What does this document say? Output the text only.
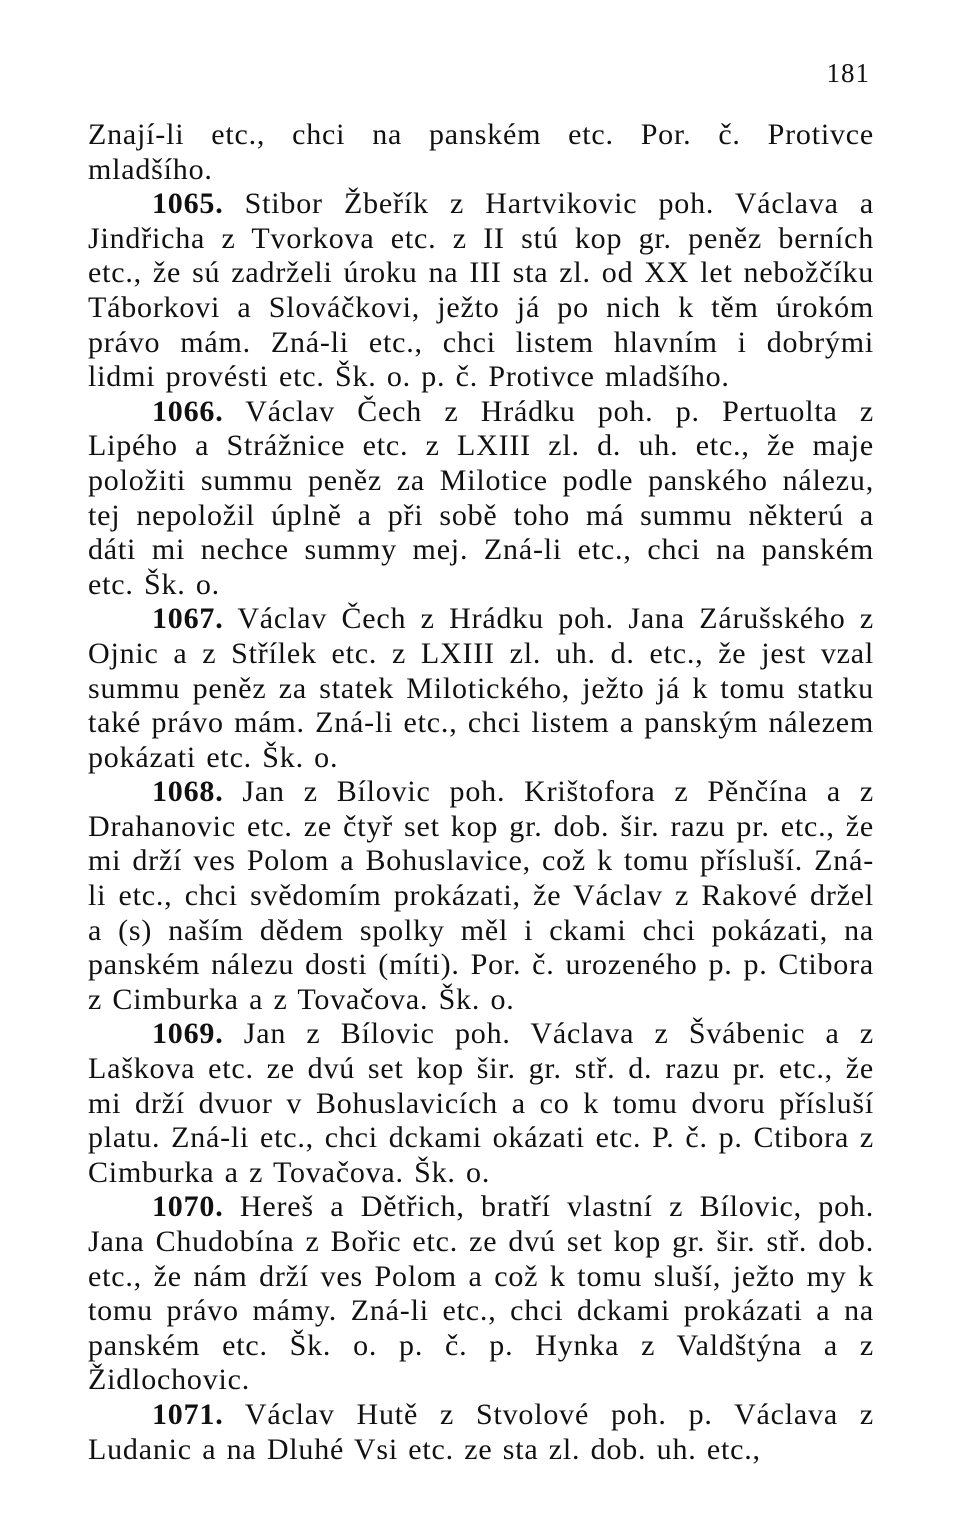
181

Znají-li etc., chci na panském etc. Por. č. Protivce mladšího.

1065. Stibor Žbeřík z Hartvikovic poh. Václava a Jindřicha z Tvorkova etc. z II stú kop gr. peněz berních etc., že sú zadrželi úroku na III sta zl. od XX let nebožčíku Táborkovi a Slováčkovi, ježto já po nich k těm úrokóm právo mám. Zná-li etc., chci listem hlavním i dobrými lidmi provésti etc. Šk. o. p. č. Protivce mladšího.

1066. Václav Čech z Hrádku poh. p. Pertuolta z Lipého a Strážnice etc. z LXIII zl. d. uh. etc., že maje položiti summu peněz za Milotice podle panského nálezu, tej nepoložil úplně a při sobě toho má summu některú a dáti mi nechce summy mej. Zná-li etc., chci na panském etc. Šk. o.

1067. Václav Čech z Hrádku poh. Jana Zárušského z Ojnic a z Střílek etc. z LXIII zl. uh. d. etc., že jest vzal summu peněz za statek Milotického, ježto já k tomu statku také právo mám. Zná-li etc., chci listem a panským nálezem pokázati etc. Šk. o.

1068. Jan z Bílovic poh. Krištofora z Pěnčína a z Drahanovic etc. ze čtyř set kop gr. dob. šir. razu pr. etc., že mi drží ves Polom a Bohuslavice, což k tomu přísluší. Zná-li etc., chci svědomím prokázati, že Václav z Rakové držel a (s) naším dědem spolky měl i ckami chci pokázati, na panském nálezu dosti (míti). Por. č. urozeného p. p. Ctibora z Cimburka a z Tovačova. Šk. o.

1069. Jan z Bílovic poh. Václava z Švábenic a z Laškova etc. ze dvú set kop šir. gr. stř. d. razu pr. etc., že mi drží dvuor v Bohuslavicích a co k tomu dvoru přísluší platu. Zná-li etc., chci dckami okázati etc. P. č. p. Ctibora z Cimburka a z Tovačova. Šk. o.

1070. Hereš a Dětřich, bratří vlastní z Bílovic, poh. Jana Chudobína z Bořic etc. ze dvú set kop gr. šir. stř. dob. etc., že nám drží ves Polom a což k tomu sluší, ježto my k tomu právo mámy. Zná-li etc., chci dckami prokázati a na panském etc. Šk. o. p. č. p. Hynka z Valdštýna a z Židlochovic.

1071. Václav Hutě z Stvolové poh. p. Václava z Ludanic a na Dluhé Vsi etc. ze sta zl. dob. uh. etc.,
